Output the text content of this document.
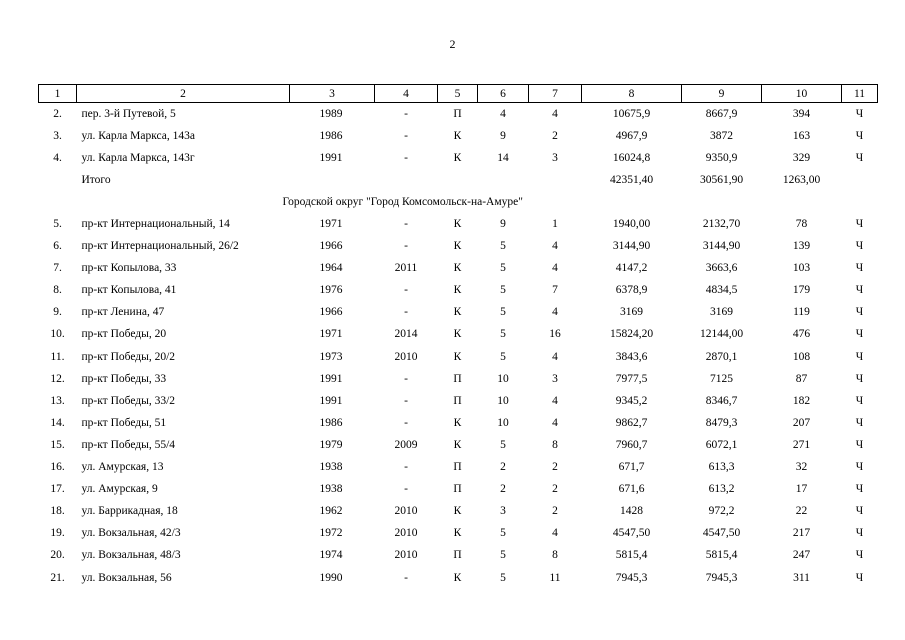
2
1	2	3	4	5	6	7	8	9	10	11
2.	пер. 3-й Путевой, 5	1989	-	П	4	4	10675,9	8667,9	394	Ч
3.	ул. Карла Маркса, 143а	1986	-	К	9	2	4967,9	3872	163	Ч
4.	ул. Карла Маркса, 143г	1991	-	К	14	3	16024,8	9350,9	329	Ч
	Итого						42351,40	30561,90	1263,00	
Городской округ "Город Комсомольск-на-Амуре"										
5.	пр-кт Интернациональный, 14	1971	-	К	9	1	1940,00	2132,70	78	Ч
6.	пр-кт Интернациональный, 26/2	1966	-	К	5	4	3144,90	3144,90	139	Ч
7.	пр-кт Копылова, 33	1964	2011	К	5	4	4147,2	3663,6	103	Ч
8.	пр-кт Копылова, 41	1976	-	К	5	7	6378,9	4834,5	179	Ч
9.	пр-кт Ленина, 47	1966	-	К	5	4	3169	3169	119	Ч
10.	пр-кт Победы, 20	1971	2014	К	5	16	15824,20	12144,00	476	Ч
11.	пр-кт Победы, 20/2	1973	2010	К	5	4	3843,6	2870,1	108	Ч
12.	пр-кт Победы, 33	1991	-	П	10	3	7977,5	7125	87	Ч
13.	пр-кт Победы, 33/2	1991	-	П	10	4	9345,2	8346,7	182	Ч
14.	пр-кт Победы, 51	1986	-	К	10	4	9862,7	8479,3	207	Ч
15.	пр-кт Победы, 55/4	1979	2009	К	5	8	7960,7	6072,1	271	Ч
16.	ул. Амурская, 13	1938	-	П	2	2	671,7	613,3	32	Ч
17.	ул. Амурская, 9	1938	-	П	2	2	671,6	613,2	17	Ч
18.	ул. Баррикадная, 18	1962	2010	К	3	2	1428	972,2	22	Ч
19.	ул. Вокзальная, 42/3	1972	2010	К	5	4	4547,50	4547,50	217	Ч
20.	ул. Вокзальная, 48/3	1974	2010	П	5	8	5815,4	5815,4	247	Ч
21.	ул. Вокзальная, 56	1990	-	К	5	11	7945,3	7945,3	311	Ч
